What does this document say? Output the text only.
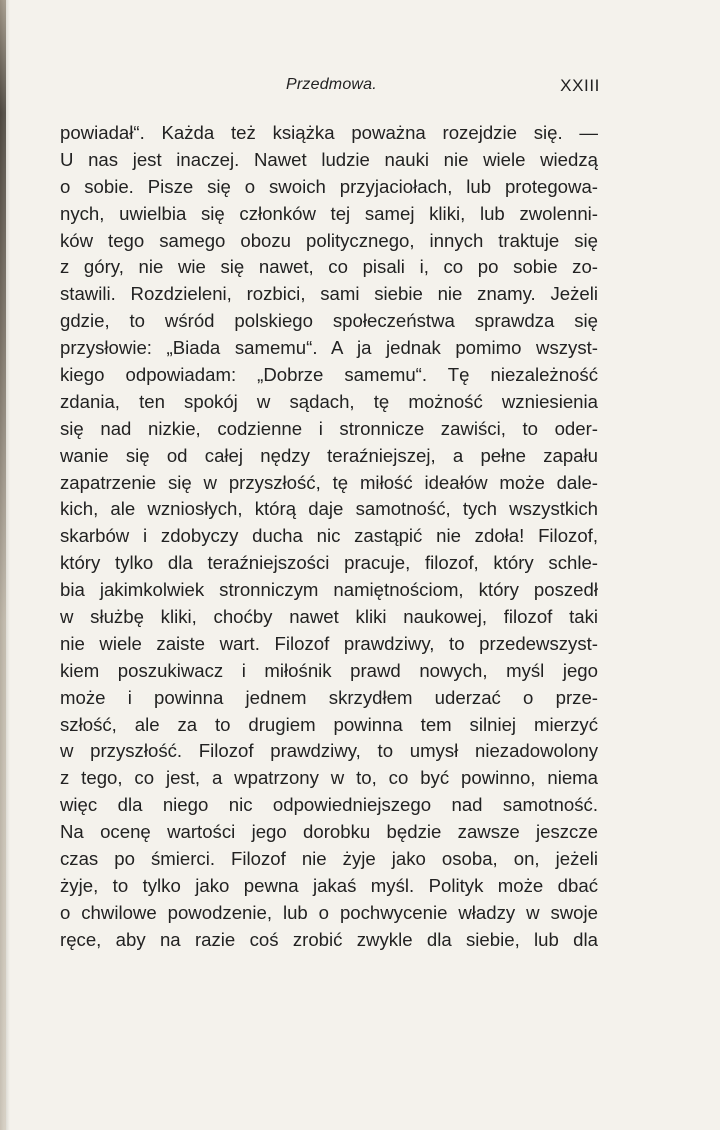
Przedmowa.	XXIII
powiadał“. Każda też książka poważna rozejdzie się. —
U nas jest inaczej. Nawet ludzie nauki nie wiele wiedzą
o sobie. Pisze się o swoich przyjaciołach, lub protegowa-
nych, uwielbia się członków tej samej kliki, lub zwolenni-
ków tego samego obozu politycznego, innych traktuje się
z góry, nie wie się nawet, co pisali i, co po sobie zo-
stawili. Rozdzieleni, rozbici, sami siebie nie znamy. Jeżeli
gdzie, to wśród polskiego społeczeństwa sprawdza się
przysłowie: „Biada samemu“. A ja jednak pomimo wszyst-
kiego odpowiadam: „Dobrze samemu“. Tę niezależność
zdania, ten spokój w sądach, tę możność wzniesienia
się nad nizkie, codzienne i stronnicze zawiści, to oder-
wanie się od całej nędzy teraźniejszej, a pełne zapału
zapatrzenie się w przyszłość, tę miłość ideałów może dale-
kich, ale wzniosłych, którą daje samotność, tych wszystkich
skarbów i zdobyczy ducha nic zastąpić nie zdoła! Filozof,
który tylko dla teraźniejszości pracuje, filozof, który schle-
bia jakimkolwiek stronniczym namiętnościom, który poszedł
w służbę kliki, choćby nawet kliki naukowej, filozof taki
nie wiele zaiste wart. Filozof prawdziwy, to przedewszyst-
kiem poszukiwacz i miłośnik prawd nowych, myśl jego
może i powinna jednem skrzydłem uderzać o prze-
szłość, ale za to drugiem powinna tem silniej mierzyć
w przyszłość. Filozof prawdziwy, to umysł niezadowolony
z tego, co jest, a wpatrzony w to, co być powinno, niema
więc dla niego nic odpowiedniejszego nad samotność.
Na ocenę wartości jego dorobku będzie zawsze jeszcze
czas po śmierci. Filozof nie żyje jako osoba, on, jeżeli
żyje, to tylko jako pewna jakaś myśl. Polityk może dbać
o chwilowe powodzenie, lub o pochwycenie władzy w swoje
ręce, aby na razie coś zrobić zwykle dla siebie, lub dla
